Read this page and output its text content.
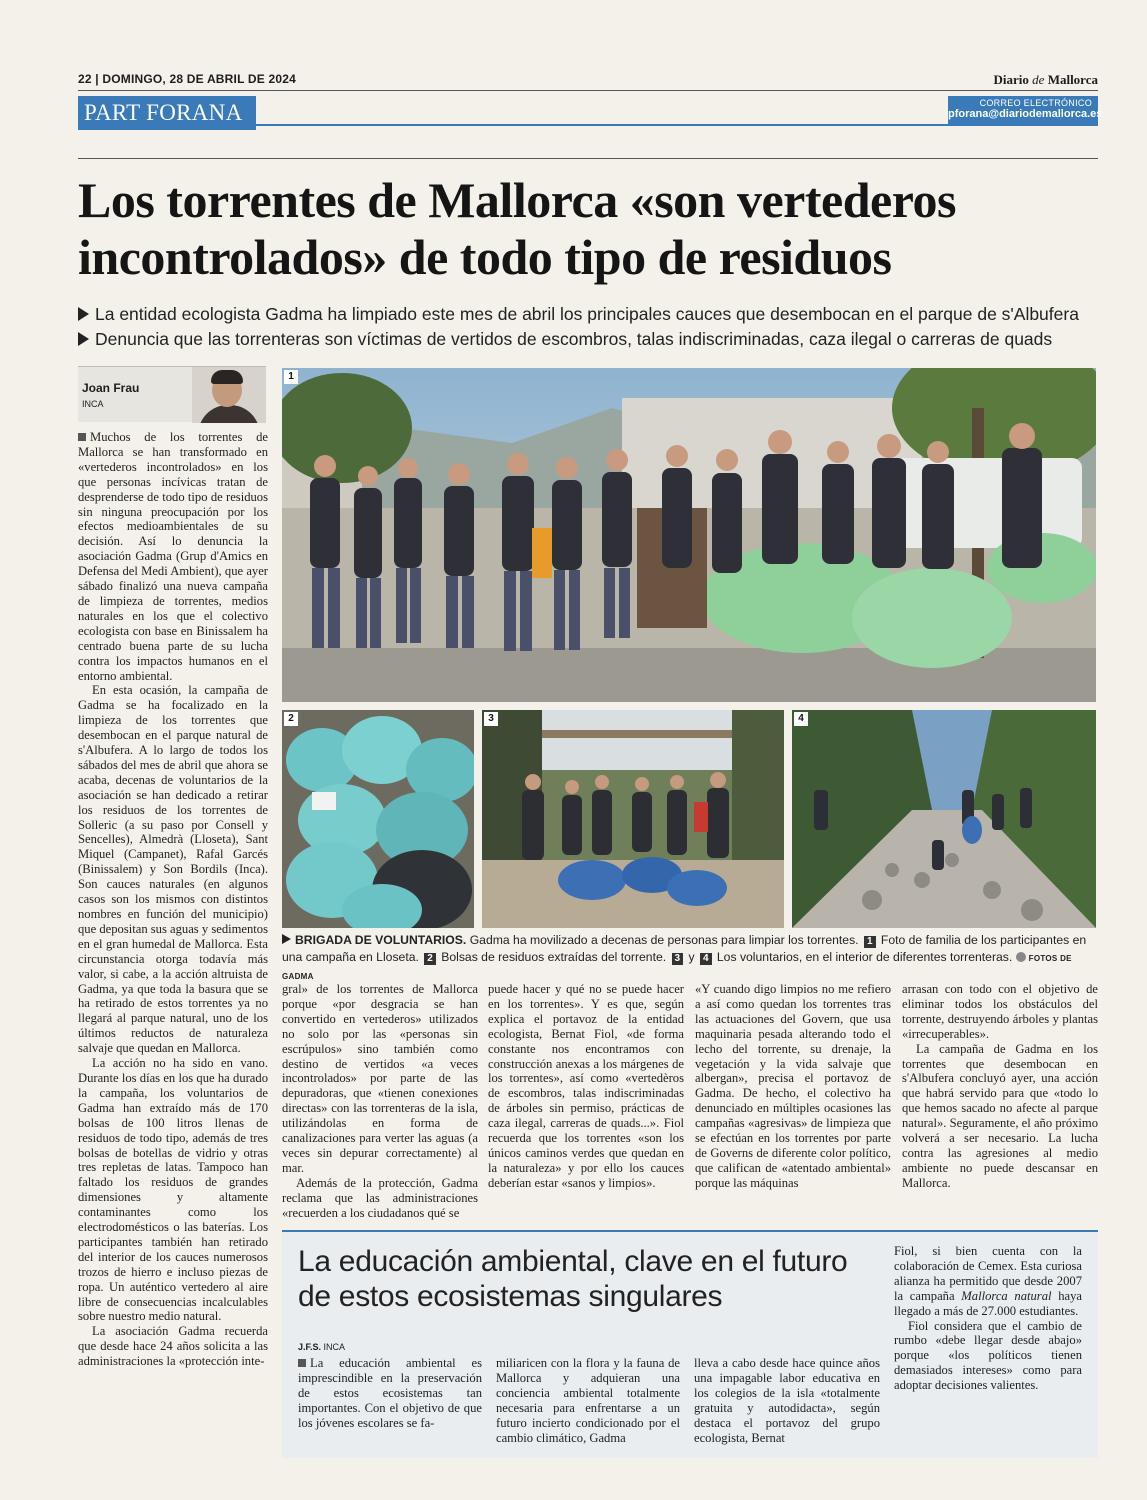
22 | DOMINGO, 28 DE ABRIL DE 2024	Diario de Mallorca
PART FORANA	CORREO ELECTRÓNICO
pforana@diariodemallorca.es
Los torrentes de Mallorca «son vertederos
incontrolados» de todo tipo de residuos
La entidad ecologista Gadma ha limpiado este mes de abril los principales cauces que desembocan en el parque de s'Albufera
Denuncia que las torrenteras son víctimas de vertidos de escombros, talas indiscriminadas, caza ilegal o carreras de quads
Joan Frau
INCA

Muchos de los torrentes de Mallorca se han transformado en «vertederos incontrolados» en los que personas incívicas tratan de desprenderse de todo tipo de residuos sin ninguna preocupación por los efectos medioambientales de su decisión. Así lo denuncia la asociación Gadma (Grup d'Amics en Defensa del Medi Ambient), que ayer sábado finalizó una nueva campaña de limpieza de torrentes, medios naturales en los que el colectivo ecologista con base en Binissalem ha centrado buena parte de su lucha contra los impactos humanos en el entorno ambiental.

En esta ocasión, la campaña de Gadma se ha focalizado en la limpieza de los torrentes que desembocan en el parque natural de s'Albufera. A lo largo de todos los sábados del mes de abril que ahora se acaba, decenas de voluntarios de la asociación se han dedicado a retirar los residuos de los torrentes de Solleric (a su paso por Consell y Sencelles), Almedrà (Lloseta), Sant Miquel (Campanet), Rafal Garcés (Binissalem) y Son Bordils (Inca). Son cauces naturales (en algunos casos son los mismos con distintos nombres en función del municipio) que depositan sus aguas y sedimentos en el gran humedal de Mallorca. Esta circunstancia otorga todavía más valor, si cabe, a la acción altruista de Gadma, ya que toda la basura que se ha retirado de estos torrentes ya no llegará al parque natural, uno de los últimos reductos de naturaleza salvaje que quedan en Mallorca.

La acción no ha sido en vano. Durante los días en los que ha durado la campaña, los voluntarios de Gadma han extraído más de 170 bolsas de 100 litros llenas de residuos de todo tipo, además de tres bolsas de botellas de vidrio y otras tres repletas de latas. Tampoco han faltado los residuos de grandes dimensiones y altamente contaminantes como los electrodomésticos o las baterías. Los participantes también han retirado del interior de los cauces numerosos trozos de hierro e incluso piezas de ropa. Un auténtico vertedero al aire libre de consecuencias incalculables sobre nuestro medio natural.

La asociación Gadma recuerda que desde hace 24 años solicita a las administraciones la «protección inte-

1
2	3	4
BRIGADA DE VOLUNTARIOS. Gadma ha movilizado a decenas de personas para limpiar los torrentes. 1 Foto de familia de los participantes en una campaña en Lloseta. 2 Bolsas de residuos extraídas del torrente. 3 y 4 Los voluntarios, en el interior de diferentes torrenteras. FOTOS DE GADMA

gral» de los torrentes de Mallorca porque «por desgracia se han convertido en vertederos» utilizados no solo por las «personas sin escrúpulos» sino también como destino de vertidos «a veces incontrolados» por parte de las depuradoras, que «tienen conexiones directas» con las torrenteras de la isla, utilizándolas en forma de canalizaciones para verter las aguas (a veces sin depurar correctamente) al mar.

Además de la protección, Gadma reclama que las administraciones «recuerden a los ciudadanos qué se

puede hacer y qué no se puede hacer en los torrentes». Y es que, según explica el portavoz de la entidad ecologista, Bernat Fiol, «de forma constante nos encontramos con construcción anexas a los márgenes de los torrentes», así como «vertedèros de escombros, talas indiscriminadas de árboles sin permiso, prácticas de caza ilegal, carreras de quads...». Fiol recuerda que los torrentes «son los únicos caminos verdes que quedan en la naturaleza» y por ello los cauces deberían estar «sanos y limpios».

«Y cuando digo limpios no me refiero a así como quedan los torrentes tras las actuaciones del Govern, que usa maquinaria pesada alterando todo el lecho del torrente, su drenaje, la vegetación y la vida salvaje que albergan», precisa el portavoz de Gadma. De hecho, el colectivo ha denunciado en múltiples ocasiones las campañas «agresivas» de limpieza que se efectúan en los torrentes por parte de Governs de diferente color político, que califican de «atentado ambiental» porque las máquinas

arrasan con todo con el objetivo de eliminar todos los obstáculos del torrente, destruyendo árboles y plantas «irrecuperables».

La campaña de Gadma en los torrentes que desembocan en s'Albufera concluyó ayer, una acción que habrá servido para que «todo lo que hemos sacado no afecte al parque natural». Seguramente, el año próximo volverá a ser necesario. La lucha contra las agresiones al medio ambiente no puede descansar en Mallorca.

La educación ambiental, clave en el futuro de estos ecosistemas singulares
J.F.S. INCA

La educación ambiental es imprescindible en la preservación de estos ecosistemas tan importantes. Con el objetivo de que los jóvenes escolares se fa-

miliaricen con la flora y la fauna de Mallorca y adquieran una conciencia ambiental totalmente necesaria para enfrentarse a un futuro incierto condicionado por el cambio climático, Gadma

lleva a cabo desde hace quince años una impagable labor educativa en los colegios de la isla «totalmente gratuita y autodidacta», según destaca el portavoz del grupo ecologista, Bernat

Fiol, si bien cuenta con la colaboración de Cemex. Esta curiosa alianza ha permitido que desde 2007 la campaña Mallorca natural haya llegado a más de 27.000 estudiantes.

Fiol considera que el cambio de rumbo «debe llegar desde abajo» porque «los políticos tienen demasiados intereses» como para adoptar decisiones valientes.
